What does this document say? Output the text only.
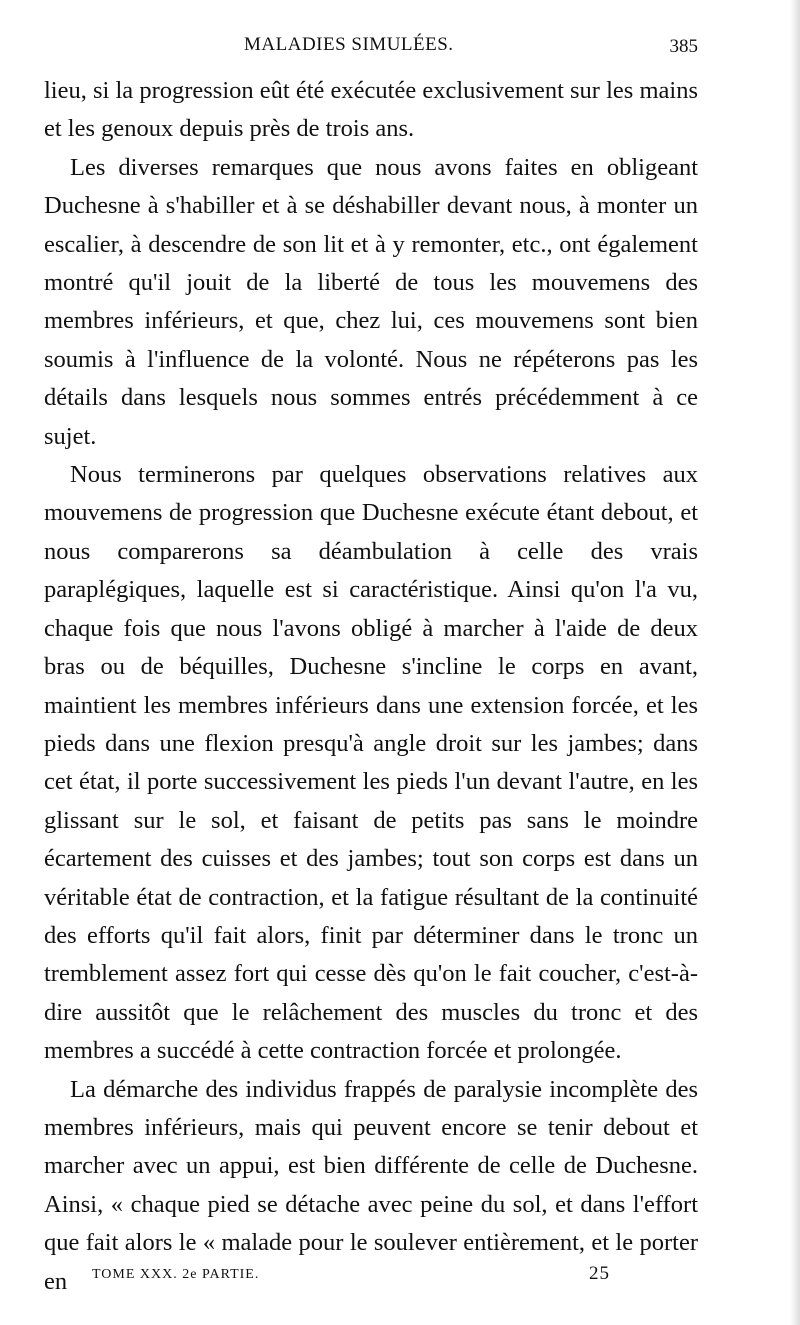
MALADIES SIMULÉES.	385

lieu, si la progression eût été exécutée exclusivement sur les mains et les genoux depuis près de trois ans.

Les diverses remarques que nous avons faites en obligeant Duchesne à s'habiller et à se déshabiller devant nous, à monter un escalier, à descendre de son lit et à y remonter, etc., ont également montré qu'il jouit de la liberté de tous les mouvemens des membres inférieurs, et que, chez lui, ces mouvemens sont bien soumis à l'influence de la volonté. Nous ne répéterons pas les détails dans lesquels nous sommes entrés précédemment à ce sujet.

Nous terminerons par quelques observations relatives aux mouvemens de progression que Duchesne exécute étant debout, et nous comparerons sa déambulation à celle des vrais paraplégiques, laquelle est si caractéristique. Ainsi qu'on l'a vu, chaque fois que nous l'avons obligé à marcher à l'aide de deux bras ou de béquilles, Duchesne s'incline le corps en avant, maintient les membres inférieurs dans une extension forcée, et les pieds dans une flexion presqu'à angle droit sur les jambes; dans cet état, il porte successivement les pieds l'un devant l'autre, en les glissant sur le sol, et faisant de petits pas sans le moindre écartement des cuisses et des jambes; tout son corps est dans un véritable état de contraction, et la fatigue résultant de la continuité des efforts qu'il fait alors, finit par déterminer dans le tronc un tremblement assez fort qui cesse dès qu'on le fait coucher, c'est-à-dire aussitôt que le relâchement des muscles du tronc et des membres a succédé à cette contraction forcée et prolongée.

La démarche des individus frappés de paralysie incomplète des membres inférieurs, mais qui peuvent encore se tenir debout et marcher avec un appui, est bien différente de celle de Duchesne. Ainsi, « chaque pied se détache avec peine du sol, et dans l'effort que fait alors le « malade pour le soulever entièrement, et le porter en	TOME XXX. 2e PARTIE.	25
